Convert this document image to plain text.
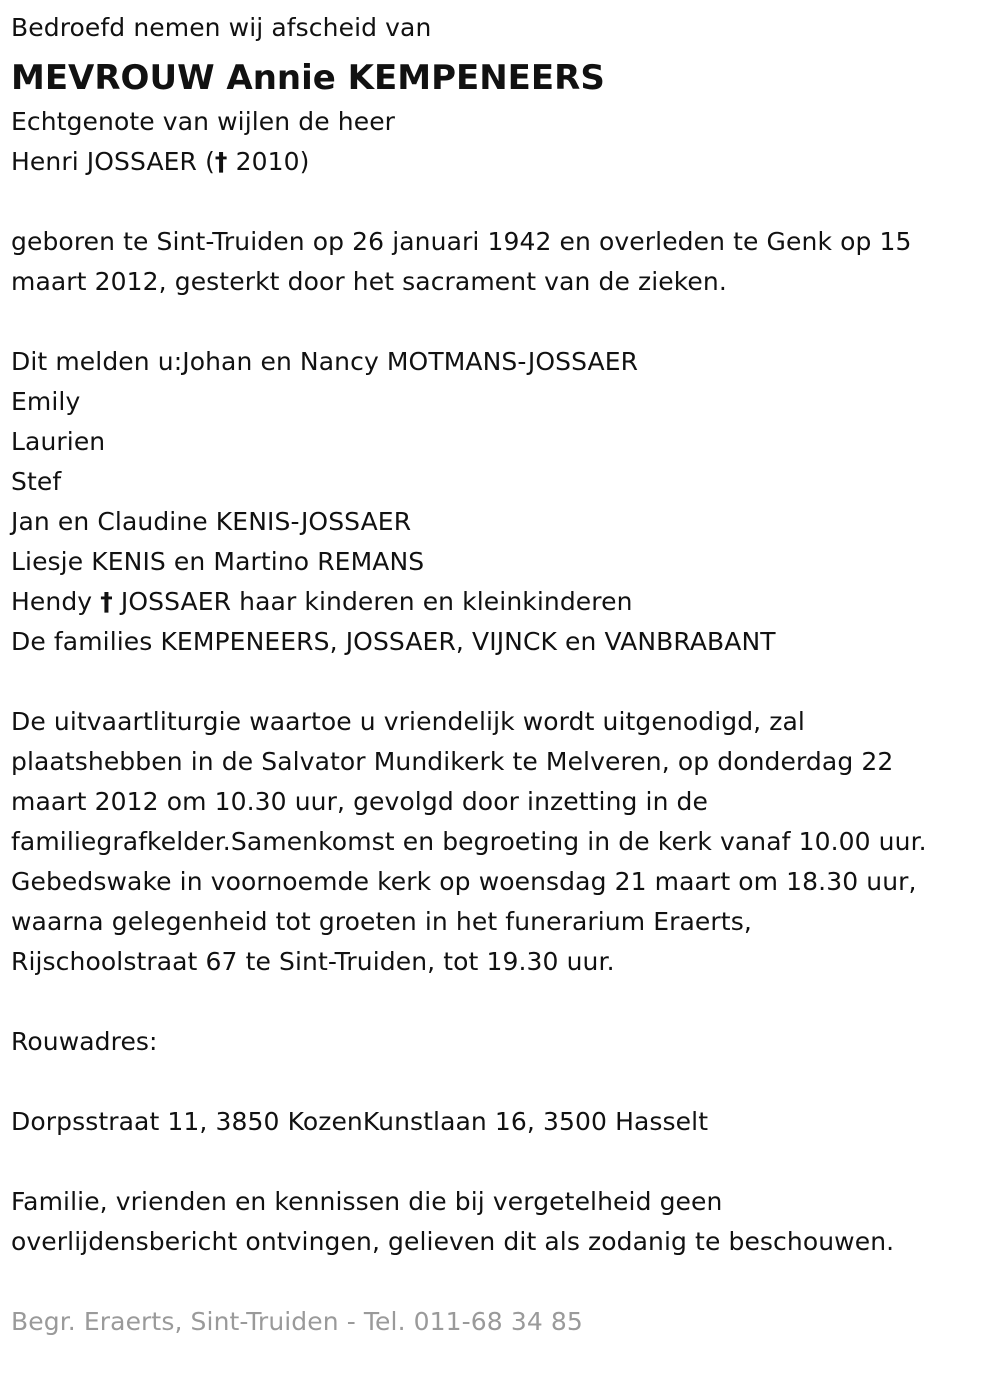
Bedroefd nemen wij afscheid van
MEVROUW Annie KEMPENEERS
Echtgenote van wijlen de heer
Henri JOSSAER († 2010)
geboren te Sint-Truiden op 26 januari 1942 en overleden te Genk op 15
maart 2012, gesterkt door het sacrament van de zieken.
Dit melden u:Johan en Nancy MOTMANS-JOSSAER
Emily
Laurien
Stef
Jan en Claudine KENIS-JOSSAER
Liesje KENIS en Martino REMANS
Hendy † JOSSAER haar kinderen en kleinkinderen
De families KEMPENEERS, JOSSAER, VIJNCK en VANBRABANT
De uitvaartliturgie waartoe u vriendelijk wordt uitgenodigd, zal
plaatshebben in de Salvator Mundikerk te Melveren, op donderdag 22
maart 2012 om 10.30 uur, gevolgd door inzetting in de
familiegrafkelder.Samenkomst en begroeting in de kerk vanaf 10.00 uur.
Gebedswake in voornoemde kerk op woensdag 21 maart om 18.30 uur,
waarna gelegenheid tot groeten in het funerarium Eraerts,
Rijschoolstraat 67 te Sint-Truiden, tot 19.30 uur.
Rouwadres:
Dorpsstraat 11, 3850 KozenKunstlaan 16, 3500 Hasselt
Familie, vrienden en kennissen die bij vergetelheid geen
overlijdensbericht ontvingen, gelieven dit als zodanig te beschouwen.
Begr. Eraerts, Sint-Truiden - Tel. 011-68 34 85
